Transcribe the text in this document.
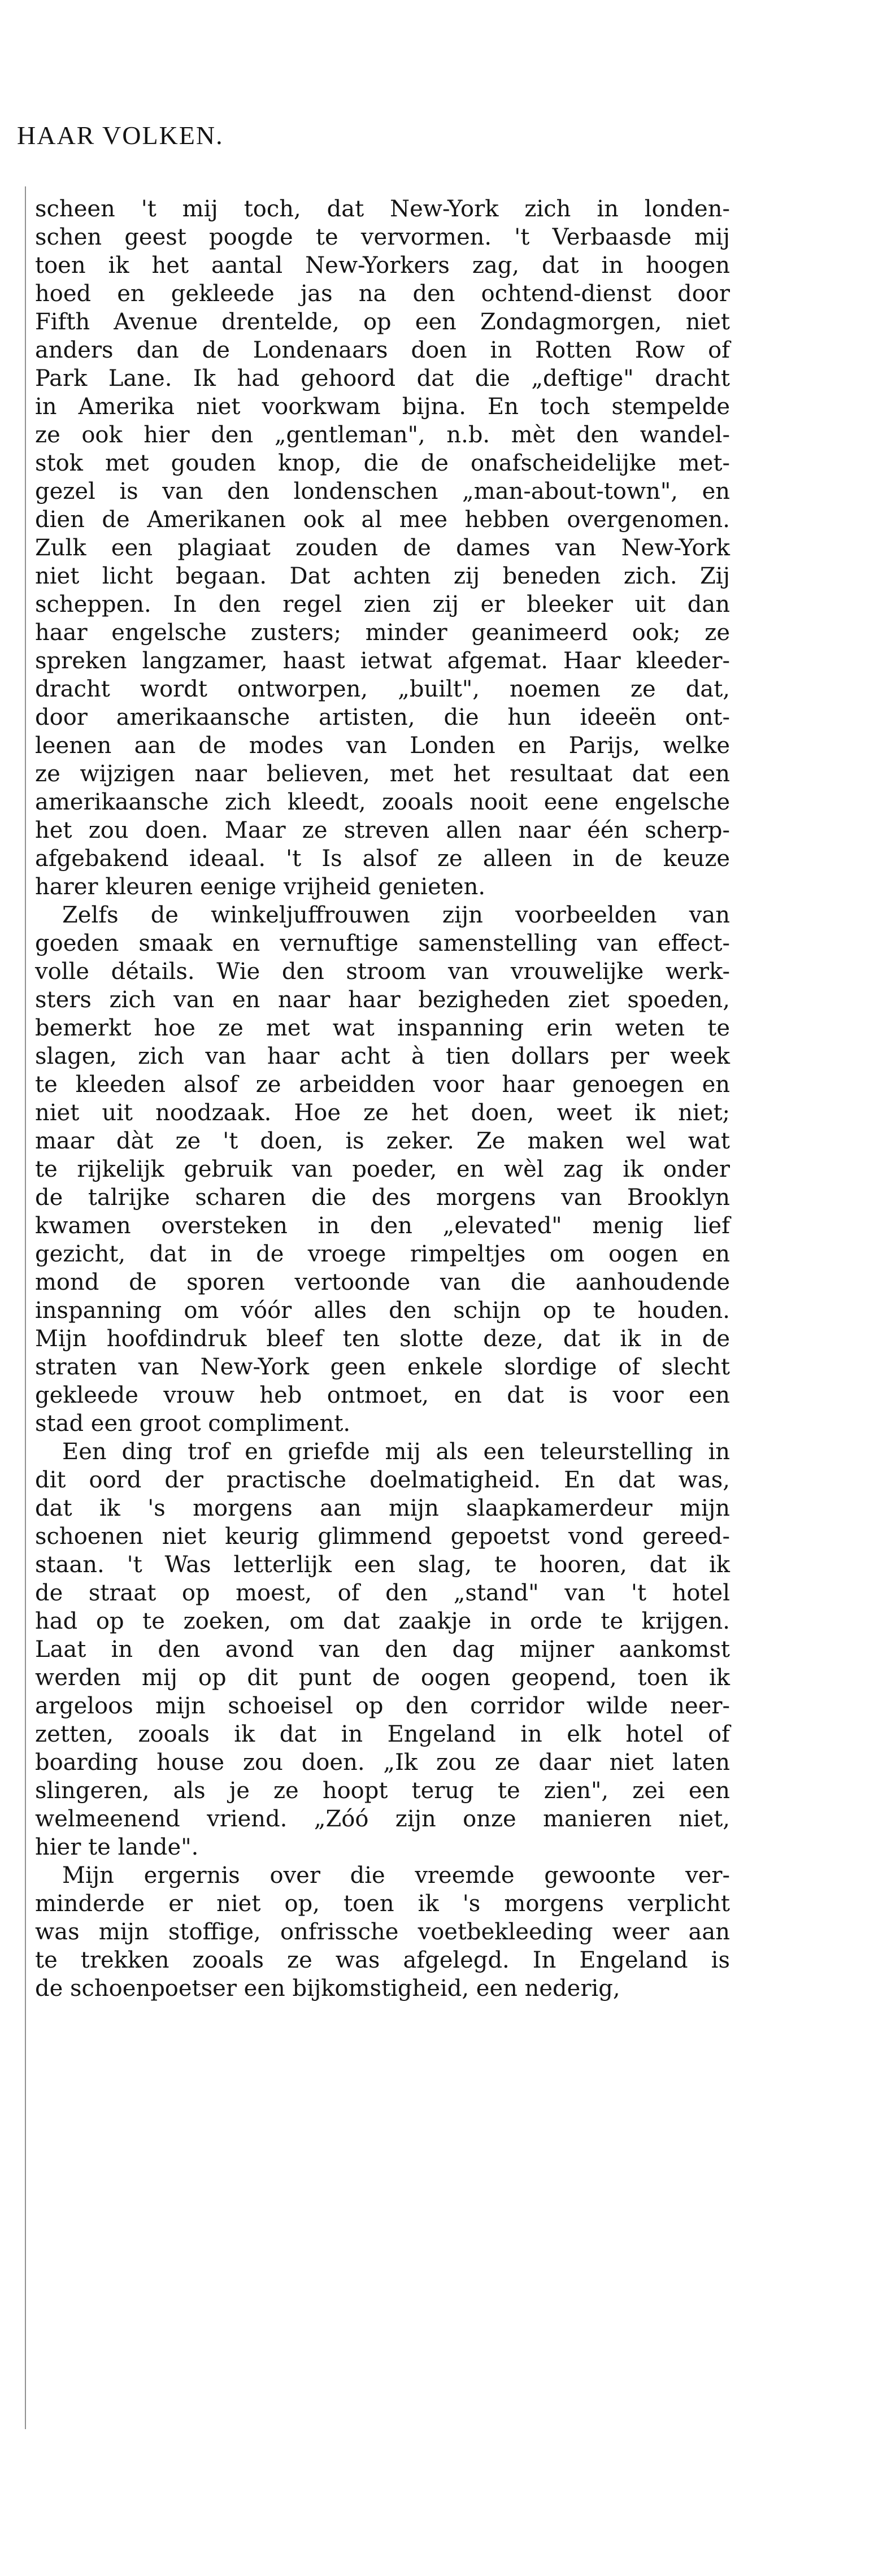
HAAR VOLKEN.
scheen 't mij toch, dat New-York zich in londen-
schen geest poogde te vervormen. 't Verbaasde mij
toen ik het aantal New-Yorkers zag, dat in hoogen
hoed en gekleede jas na den ochtend-dienst door
Fifth Avenue drentelde, op een Zondagmorgen, niet
anders dan de Londenaars doen in Rotten Row of
Park Lane. Ik had gehoord dat die „deftige" dracht
in Amerika niet voorkwam bijna. En toch stempelde
ze ook hier den „gentleman", n.b. mèt den wandel-
stok met gouden knop, die de onafscheidelijke met-
gezel is van den londenschen „man-about-town", en
dien de Amerikanen ook al mee hebben overgenomen.
Zulk een plagiaat zouden de dames van New-York
niet licht begaan. Dat achten zij beneden zich. Zij
scheppen. In den regel zien zij er bleeker uit dan
haar engelsche zusters; minder geanimeerd ook; ze
spreken langzamer, haast ietwat afgemat. Haar kleeder-
dracht wordt ontworpen, „built", noemen ze dat,
door amerikaansche artisten, die hun ideeën ont-
leenen aan de modes van Londen en Parijs, welke
ze wijzigen naar believen, met het resultaat dat een
amerikaansche zich kleedt, zooals nooit eene engelsche
het zou doen. Maar ze streven allen naar één scherp-
afgebakend ideaal. 't Is alsof ze alleen in de keuze
harer kleuren eenige vrijheid genieten.
Zelfs de winkeljuffrouwen zijn voorbeelden van
goeden smaak en vernuftige samenstelling van effect-
volle détails. Wie den stroom van vrouwelijke werk-
sters zich van en naar haar bezigheden ziet spoeden,
bemerkt hoe ze met wat inspanning erin weten te
slagen, zich van haar acht à tien dollars per week
te kleeden alsof ze arbeidden voor haar genoegen en
niet uit noodzaak. Hoe ze het doen, weet ik niet;
maar dàt ze 't doen, is zeker. Ze maken wel wat
te rijkelijk gebruik van poeder, en wèl zag ik onder
de talrijke scharen die des morgens van Brooklyn
kwamen oversteken in den „elevated" menig lief
gezicht, dat in de vroege rimpeltjes om oogen en
mond de sporen vertoonde van die aanhoudende
inspanning om vóór alles den schijn op te houden.
Mijn hoofdindruk bleef ten slotte deze, dat ik in de
straten van New-York geen enkele slordige of slecht
gekleede vrouw heb ontmoet, en dat is voor een
stad een groot compliment.
Een ding trof en griefde mij als een teleurstelling in
dit oord der practische doelmatigheid. En dat was,
dat ik 's morgens aan mijn slaapkamerdeur mijn
schoenen niet keurig glimmend gepoetst vond gereed-
staan. 't Was letterlijk een slag, te hooren, dat ik
de straat op moest, of den „stand" van 't hotel
had op te zoeken, om dat zaakje in orde te krijgen.
Laat in den avond van den dag mijner aankomst
werden mij op dit punt de oogen geopend, toen ik
argeloos mijn schoeisel op den corridor wilde neer-
zetten, zooals ik dat in Engeland in elk hotel of
boarding house zou doen. „Ik zou ze daar niet laten
slingeren, als je ze hoopt terug te zien", zei een
welmeenend vriend. „Zóó zijn onze manieren niet,
hier te lande".
Mijn ergernis over die vreemde gewoonte ver-
minderde er niet op, toen ik 's morgens verplicht
was mijn stoffige, onfrissche voetbekleeding weer aan
te trekken zooals ze was afgelegd. In Engeland is
de schoenpoetser een bijkomstigheid, een nederig,
